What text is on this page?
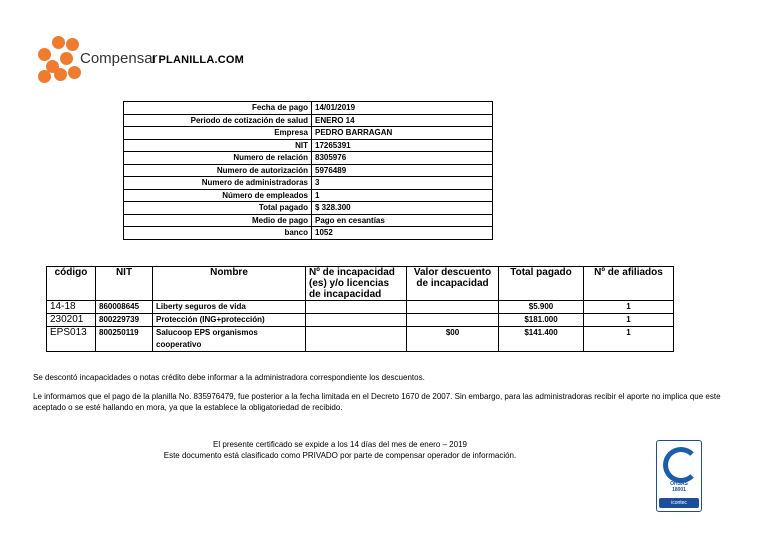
Compensar
I PLANILLA.COM
Fecha de pago	14/01/2019
Periodo de cotización de salud	ENERO 14
Empresa	PEDRO BARRAGAN
NIT	17265391
Numero de relación	8305976
Numero de autorización	5976489
Numero de administradoras	3
Número de empleados	1
Total pagado	$ 328.300
Medio de pago	Pago en cesantías
banco	1052
código	NIT	Nombre	Nº de incapacidad (es) y/o licencias de incapacidad	Valor descuento de incapacidad	Total pagado	Nº de afiliados
14-18	860008645	Liberty seguros de vida			$5.900	1
230201	800229739	Protección (ING+protección)			$181.000	1
EPS013	800250119	Salucoop EPS organismos cooperativo		$00	$141.400	1
Se descontó incapacidades o notas crédito debe informar a la administradora correspondiente los descuentos.
Le informamos que el pago de la planilla No. 835976479, fue posterior a la fecha limitada en el Decreto 1670 de 2007. Sin embargo, para las administradoras recibir el aporte no implica que este aceptado o se esté hallando en mora, ya que la establece la obligatoriedad de recibido.
El presente certificado se expide a los 14 días del mes de enero – 2019
Este documento está clasificado como PRIVADO por parte de compensar operador de información.
OHSAS
18001
icontec
